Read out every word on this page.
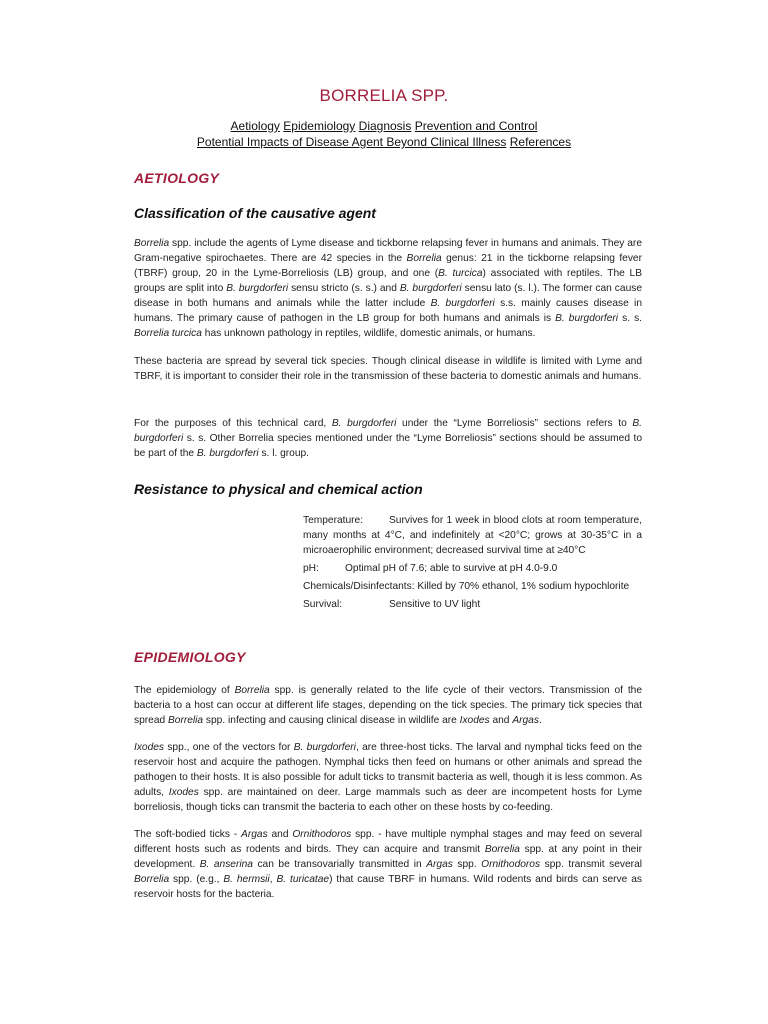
BORRELIA SPP.
Aetiology Epidemiology Diagnosis Prevention and Control
Potential Impacts of Disease Agent Beyond Clinical Illness References
AETIOLOGY
Classification of the causative agent

Borrelia spp. include the agents of Lyme disease and tickborne relapsing fever in humans and animals. They are Gram-negative spirochaetes. There are 42 species in the Borrelia genus: 21 in the tickborne relapsing fever (TBRF) group, 20 in the Lyme-Borreliosis (LB) group, and one (B. turcica) associated with reptiles. The LB groups are split into B. burgdorferi sensu stricto (s. s.) and B. burgdorferi sensu lato (s. l.). The former can cause disease in both humans and animals while the latter include B. burgdorferi s.s. mainly causes disease in humans. The primary cause of pathogen in the LB group for both humans and animals is B. burgdorferi s. s. Borrelia turcica has unknown pathology in reptiles, wildlife, domestic animals, or humans.

These bacteria are spread by several tick species. Though clinical disease in wildlife is limited with Lyme and TBRF, it is important to consider their role in the transmission of these bacteria to domestic animals and humans.

For the purposes of this technical card, B. burgdorferi under the “Lyme Borreliosis” sections refers to B. burgdorferi s. s. Other Borrelia species mentioned under the “Lyme Borreliosis” sections should be assumed to be part of the B. burgdorferi s. l. group.

Resistance to physical and chemical action
Temperature:	Survives for 1 week in blood clots at room temperature, many months at 4°C, and indefinitely at <20°C; grows at 30-35°C in a microaerophilic environment; decreased survival time at ≥40°C
pH:	Optimal pH of 7.6; able to survive at pH 4.0-9.0
Chemicals/Disinfectants: Killed by 70% ethanol, 1% sodium hypochlorite
Survival:	Sensitive to UV light
EPIDEMIOLOGY

The epidemiology of Borrelia spp. is generally related to the life cycle of their vectors. Transmission of the bacteria to a host can occur at different life stages, depending on the tick species. The primary tick species that spread Borrelia spp. infecting and causing clinical disease in wildlife are Ixodes and Argas.

Ixodes spp., one of the vectors for B. burgdorferi, are three-host ticks. The larval and nymphal ticks feed on the reservoir host and acquire the pathogen. Nymphal ticks then feed on humans or other animals and spread the pathogen to their hosts. It is also possible for adult ticks to transmit bacteria as well, though it is less common. As adults, Ixodes spp. are maintained on deer. Large mammals such as deer are incompetent hosts for Lyme borreliosis, though ticks can transmit the bacteria to each other on these hosts by co-feeding.

The soft-bodied ticks - Argas and Ornithodoros spp. - have multiple nymphal stages and may feed on several different hosts such as rodents and birds. They can acquire and transmit Borrelia spp. at any point in their development. B. anserina can be transovarially transmitted in Argas spp. Ornithodoros spp. transmit several Borrelia spp. (e.g., B. hermsii, B. turicatae) that cause TBRF in humans. Wild rodents and birds can serve as reservoir hosts for the bacteria.
